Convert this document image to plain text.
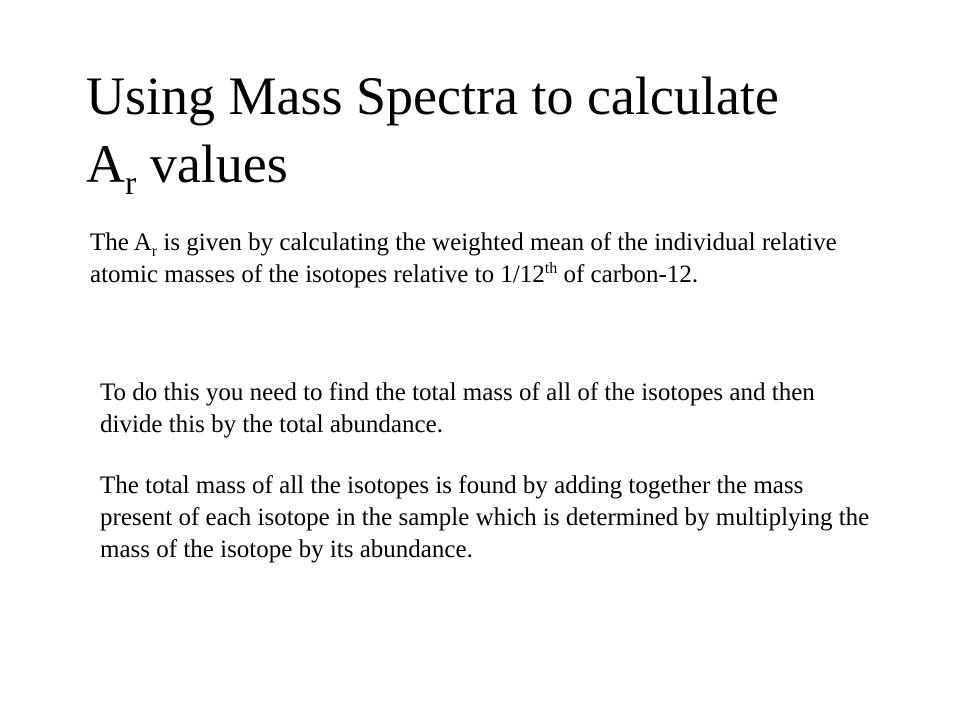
Using Mass Spectra to calculate
$A_r$ values

The $A_r$ is given by calculating the weighted mean of the individual relative atomic masses of the isotopes relative to 1/12th of carbon-12.

To do this you need to find the total mass of all of the isotopes and then divide this by the total abundance.

The total mass of all the isotopes is found by adding together the mass present of each isotope in the sample which is determined by multiplying the mass of the isotope by its abundance.
